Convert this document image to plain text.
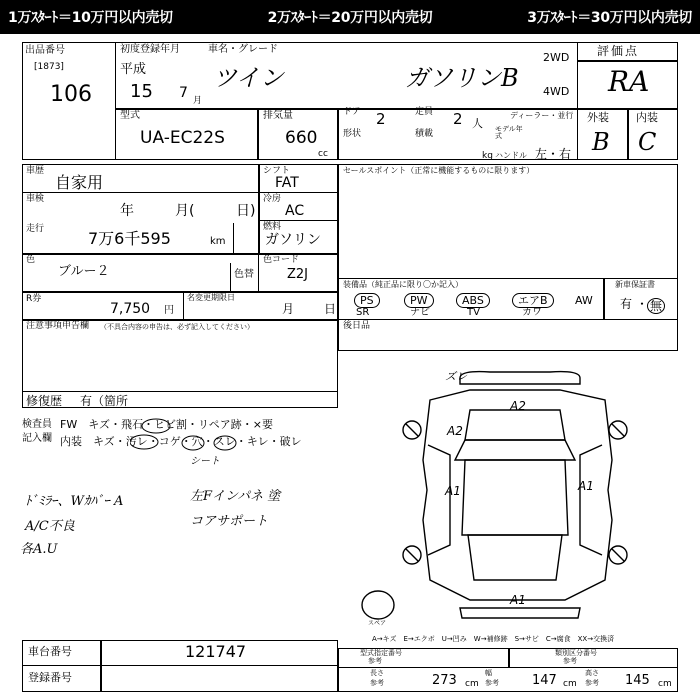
1万ｽﾀｰﾄ＝10万円以内売切	2万ｽﾀｰﾄ＝20万円以内売切	3万ｽﾀｰﾄ＝30万円以内売切
出品番号
[1873]
106
初度登録年月	車名・グレード
平成
15 7 月
ツイン	ガソリンB
2WD
4WD
型式
UA-EC22S
排気量
660
cc
ドア 2
形状
定員 2 人
積載
kg
ディーラー・並行
モデル年式
ハンドル 左・右
評価点
RA
外装 内装
B C
車歴
自家用
車検
年	月(	日)
走行	7万6千595	km
シフト
FAT
冷房
AC
燃料
ガソリン
色
ブルー２	色替
色コード
Z2J
R券
7,750 円
名変更期限日
月 日
注意事項申告欄 （不具合内容の申告は、必ず記入してください）
修復歴 有（箇所
セールスポイント（正常に機能するものに限ります）
装備品（純正品に限り〇か記入）	新車保証書
有 ・ 無
PS	PW	ABS	エアB	AW
SR	ナビ	TV	カワ
後日品
検査員
記入欄
FW　キズ・飛石・ヒビ割・リペア跡・×要
内装　キズ・汚レ・コゲ・穴・スレ・キレ・破レ
シート
ﾄﾞﾐﾗｰ、Wｶﾊﾞｰ A
A/C不良
各A.U
左Fインパネ 塗
コアサポート
ズレ
A2
A2
A1	A1
A1
スペア
A→キズ　E→エクボ　U→凹み　W→補修跡　S→サビ　C→腐食　XX→交換済
車台番号	121747
登録番号
型式指定番号
参考
類別区分番号
参考
長さ
参考	273 cm
幅
参考	147 cm
高さ
参考 145 cm
